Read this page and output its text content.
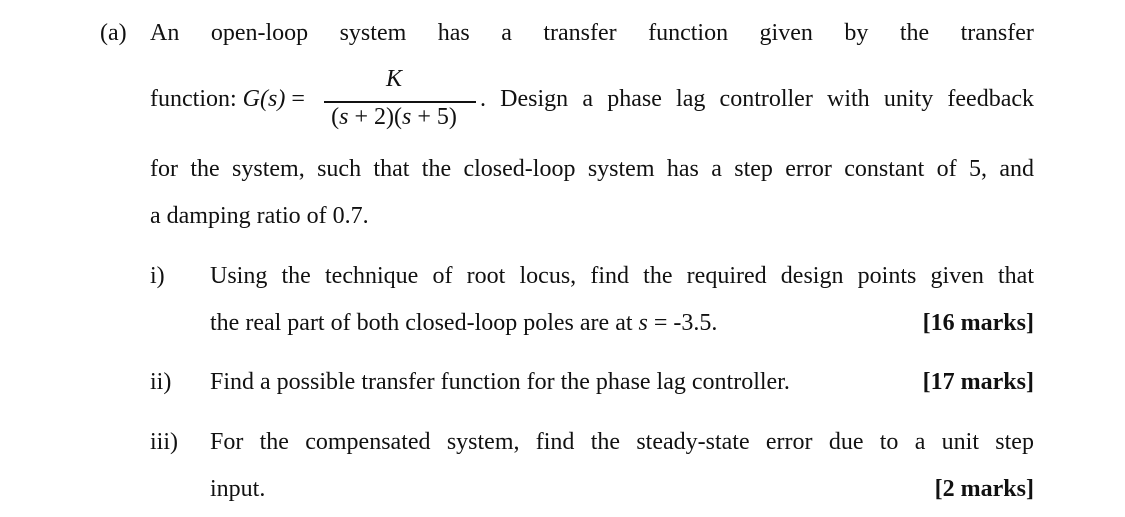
(a) An open-loop system has a transfer function given by the transfer
function: G(s) =
K
(s + 2)(s + 5)
. Design a phase lag controller with unity feedback
for the system, such that the closed-loop system has a step error constant of 5, and
a damping ratio of 0.7.
i) Using the technique of root locus, find the required design points given that
the real part of both closed-loop poles are at s = -3.5.	[16 marks]
ii) Find a possible transfer function for the phase lag controller.	[17 marks]
iii) For the compensated system, find the steady-state error due to a unit step
input.	[2 marks]
